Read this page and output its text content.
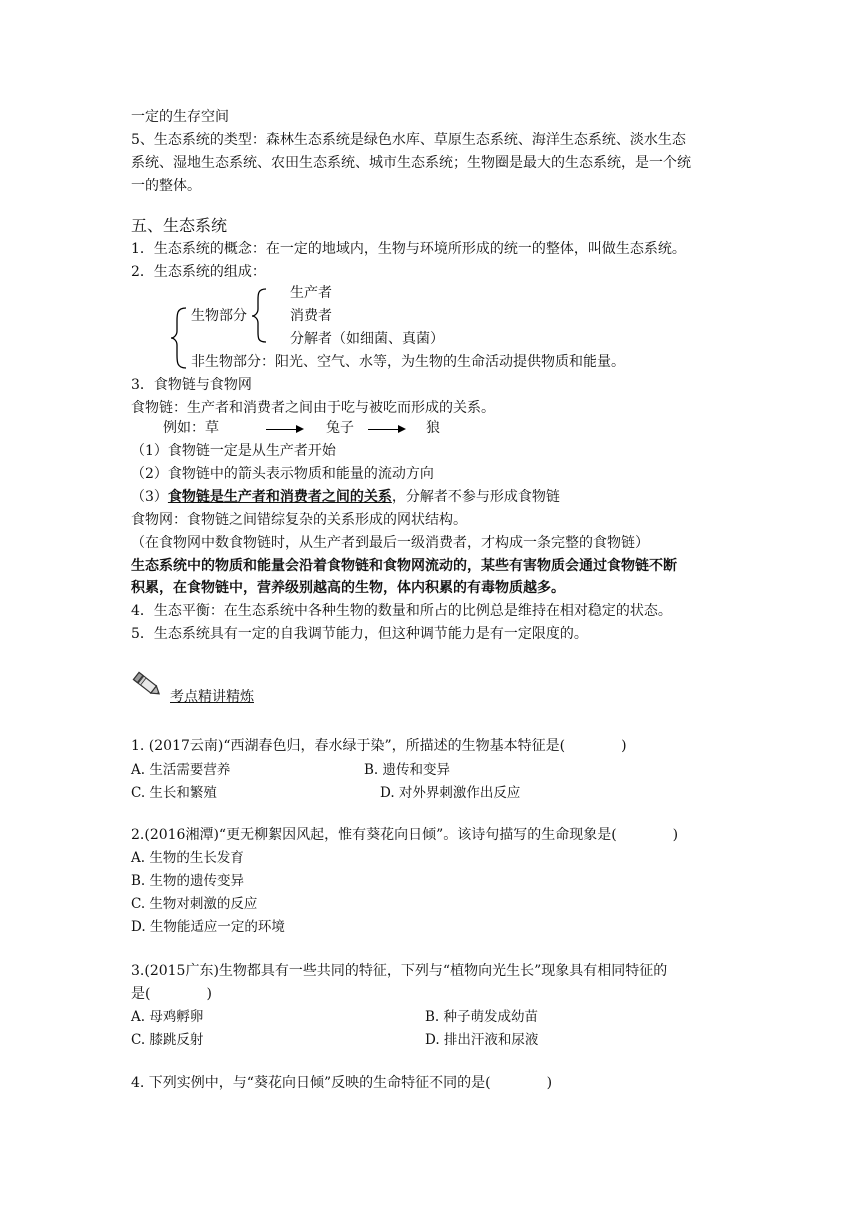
一定的生存空间
5、生态系统的类型：森林生态系统是绿色水库、草原生态系统、海洋生态系统、淡水生态
系统、湿地生态系统、农田生态系统、城市生态系统；生物圈是最大的生态系统，是一个统
一的整体。
五、生态系统
1．生态系统的概念：在一定的地域内，生物与环境所形成的统一的整体，叫做生态系统。
2．生态系统的组成：
生产者
生物部分	消费者
分解者（如细菌、真菌）
非生物部分：阳光、空气、水等，为生物的生命活动提供物质和能量。
3．食物链与食物网
食物链：生产者和消费者之间由于吃与被吃而形成的关系。
例如：草	兔子	狼
（1）食物链一定是从生产者开始
（2）食物链中的箭头表示物质和能量的流动方向
（3）食物链是生产者和消费者之间的关系，分解者不参与形成食物链
食物网：食物链之间错综复杂的关系形成的网状结构。
（在食物网中数食物链时，从生产者到最后一级消费者，才构成一条完整的食物链）
生态系统中的物质和能量会沿着食物链和食物网流动的，某些有害物质会通过食物链不断
积累，在食物链中，营养级别越高的生物，体内积累的有毒物质越多。
4．生态平衡：在生态系统中各种生物的数量和所占的比例总是维持在相对稳定的状态。
5．生态系统具有一定的自我调节能力，但这种调节能力是有一定限度的。
考点精讲精炼
1. (2017云南)“西湖春色归，春水绿于染”，所描述的生物基本特征是(　　　　)
A. 生活需要营养	B. 遗传和变异
C. 生长和繁殖	D. 对外界刺激作出反应
2.(2016湘潭)“更无柳絮因风起，惟有葵花向日倾”。该诗句描写的生命现象是(　　　　)
A. 生物的生长发育
B. 生物的遗传变异
C. 生物对刺激的反应
D. 生物能适应一定的环境
3.(2015广东)生物都具有一些共同的特征，下列与“植物向光生长”现象具有相同特征的
是(　　　　)
A. 母鸡孵卵	B. 种子萌发成幼苗
C. 膝跳反射	D. 排出汗液和尿液
4. 下列实例中，与“葵花向日倾”反映的生命特征不同的是(　　　　)
